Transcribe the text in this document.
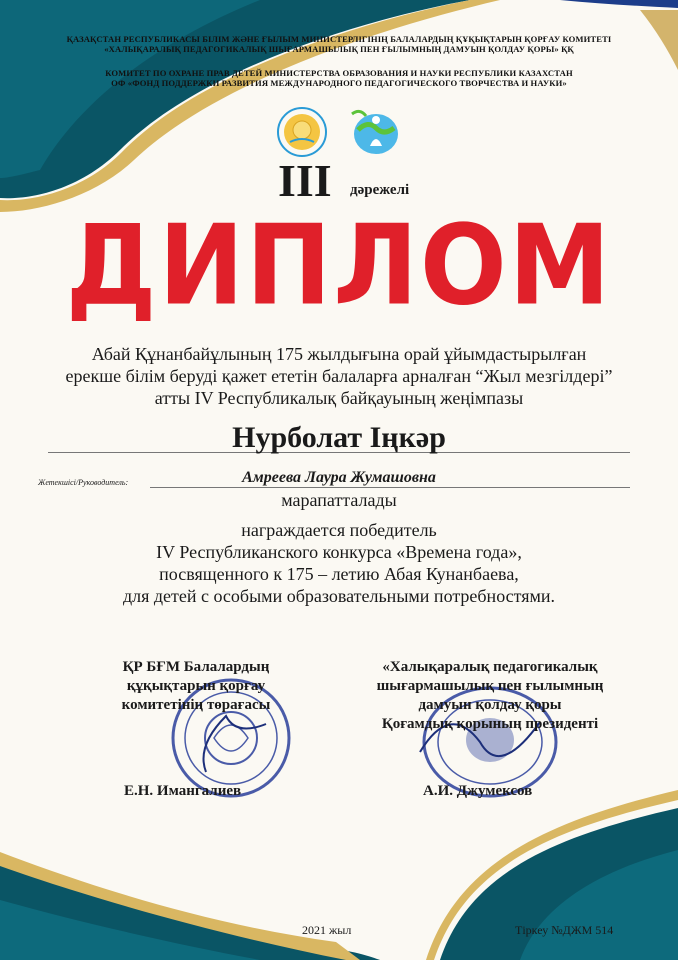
ҚАЗАҚСТАН РЕСПУБЛИКАСЫ БІЛІМ ЖӘНЕ ҒЫЛЫМ МИНИСТЕРЛІГІНІҢ БАЛАЛАРДЫҢ ҚҰҚЫҚТАРЫН ҚОРҒАУ КОМИТЕТІ
«ХАЛЫҚАРАЛЫҚ ПЕДАГОГИКАЛЫҚ ШЫҒАРМАШЫЛЫҚ ПЕН ҒЫЛЫМНЫҢ ДАМУЫН ҚОЛДАУ ҚОРЫ» ҚҚ
КОМИТЕТ ПО ОХРАНЕ ПРАВ ДЕТЕЙ МИНИСТЕРСТВА ОБРАЗОВАНИЯ И НАУКИ РЕСПУБЛИКИ КАЗАХСТАН
ОФ «ФОНД ПОДДЕРЖКИ РАЗВИТИЯ МЕЖДУНАРОДНОГО ПЕДАГОГИЧЕСКОГО ТВОРЧЕСТВА И НАУКИ»
III дәрежелі
ДИПЛОМ
Абай Құнанбайұлының 175 жылдығына орай ұйымдастырылған
ерекше білім беруді қажет ететін балаларға арналған “Жыл мезгілдері”
атты IV Республикалық байқауының жеңімпазы
Нурболат Іңкәр
Жетекшісі/Руководитель:	Амреева Лаура Жумашовна
марапатталады
награждается победитель
IV Республиканского конкурса «Времена года»,
посвященного к 175 – летию Абая Кунанбаева,
для детей с особыми образовательными потребностями.
ҚР БҒМ Балалардың
құқықтарын қорғау
комитетінің төрағасы
«Халықаралық педагогикалық
шығармашылық пен ғылымның
дамуын қолдау қоры
Қоғамдық қорының президенті
Е.Н. Имангалиев	А.И. Джумексов
2021 жыл	Тіркеу №ДЖМ 514
